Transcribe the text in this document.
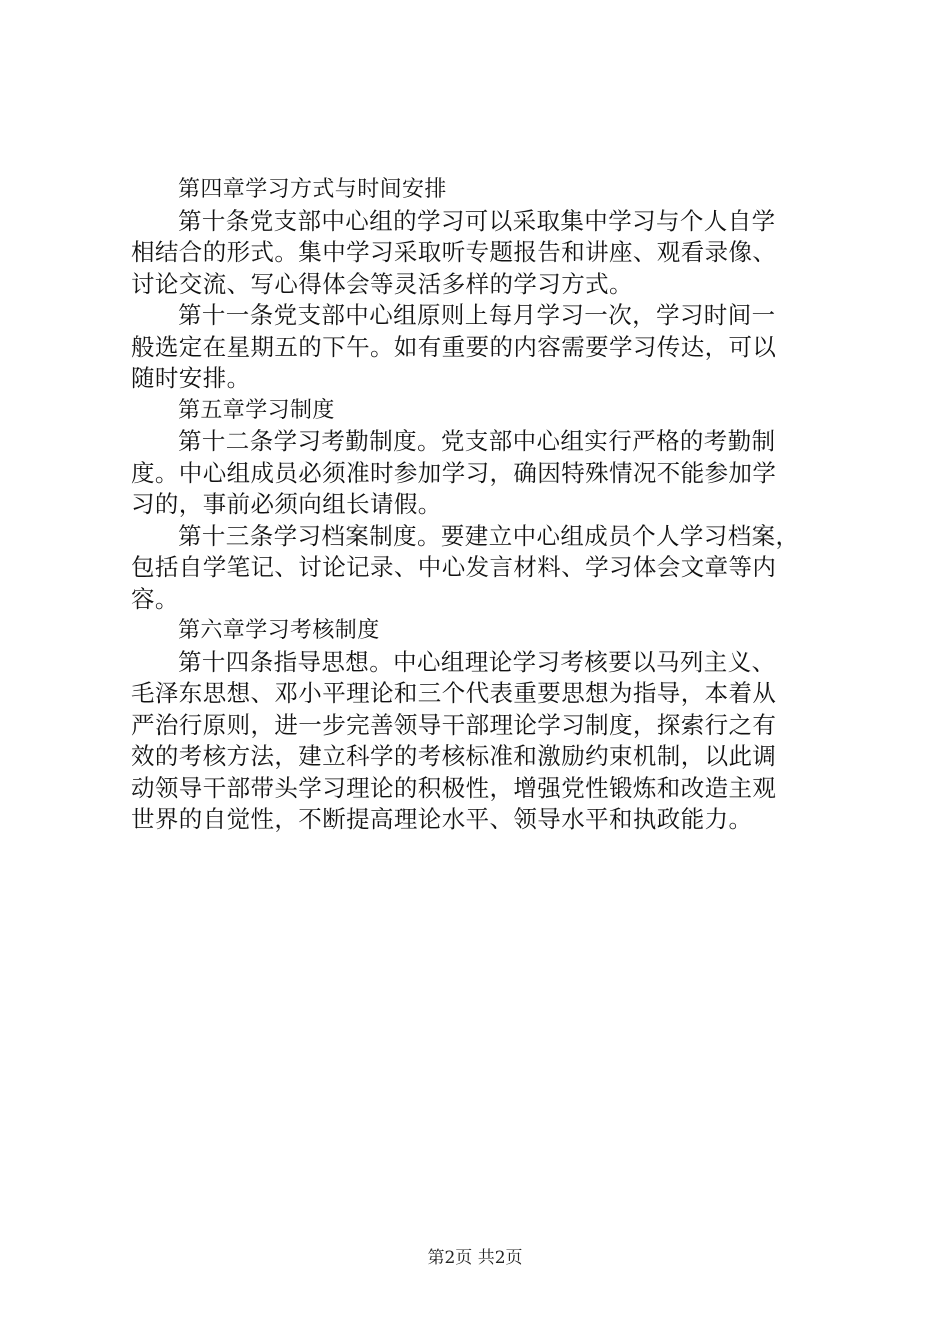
第四章学习方式与时间安排
第十条党支部中心组的学习可以采取集中学习与个人自学
相结合的形式。集中学习采取听专题报告和讲座、观看录像、
讨论交流、写心得体会等灵活多样的学习方式。
第十一条党支部中心组原则上每月学习一次，学习时间一
般选定在星期五的下午。如有重要的内容需要学习传达，可以
随时安排。
第五章学习制度
第十二条学习考勤制度。党支部中心组实行严格的考勤制
度。中心组成员必须准时参加学习，确因特殊情况不能参加学
习的，事前必须向组长请假。
第十三条学习档案制度。要建立中心组成员个人学习档案，
包括自学笔记、讨论记录、中心发言材料、学习体会文章等内
容。
第六章学习考核制度
第十四条指导思想。中心组理论学习考核要以马列主义、
毛泽东思想、邓小平理论和三个代表重要思想为指导，本着从
严治行原则，进一步完善领导干部理论学习制度，探索行之有
效的考核方法，建立科学的考核标准和激励约束机制，以此调
动领导干部带头学习理论的积极性，增强党性锻炼和改造主观
世界的自觉性，不断提高理论水平、领导水平和执政能力。
第2页 共2页
